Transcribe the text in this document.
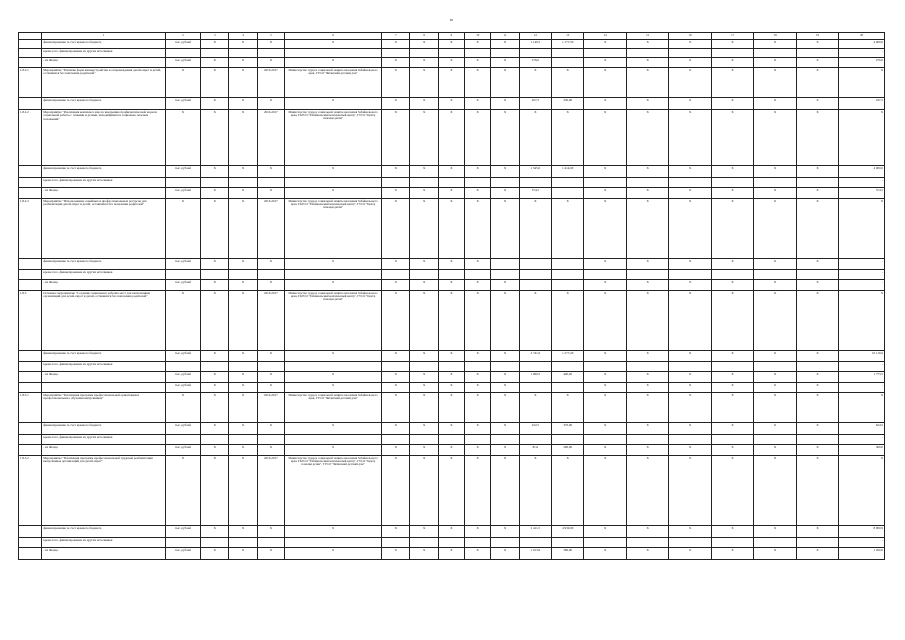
to
	1	2	3	4	5	6	7	8	9	10	11	12	13	14	15	16	17	18	19	20
	финансирование за счет краевого бюджета	тыс. рублей	X	X	X	X	X	X	X	X	X	1 140,5	1 177,50	X	X	X	X	X	X	4 000,0
	кроме того, финансирование из других источников																			-
	- из Фонда	тыс. рублей	X	X	X	X	X	X	X	X	X	276,0		X	X	X	X	X	X	276,0
1.8.2.1	Мероприятие "Развитие форм жизнеустройства и сопровождения детей-сирот и детей, оставшихся без попечения родителей"	X	X	X	2016-2017	Министерство труда и социальной защиты населения Забайкальского края, ГУСО "Читинский детский дом"	X	X	X	X	X	X	X	X	X	X	X	X	X	X
	финансирование за счет краевого бюджета	тыс. рублей	X	X	X	X	X	X	X	X	X	207,5	230,00	X	X	X	X	X	X	437,5
1.8.2.2	Мероприятие "Реализация комплекса мер по внедрению профилактической модели социальной работы с семьями и детьми, находящимися в социально опасном положении"	X	X	X	2016-2017	Министерство труда и социальной защиты населения Забайкальского края, ГАУСО "Забайкальский комплексный центр", ГУСО "Центр помощи детям"	X	X	X	X	X	X	X	X	X	X	X	X	X	X
	финансирование за счет краевого бюджета	тыс. рублей	X	X	X	X	X	X	X	X	X	1 545,0	1 414,00	X	X	X	X	X	X	4 000,0
	кроме того, финансирование из других источников																			-
	- из Фонда	тыс. рублей	X	X	X	X	X	X	X	X	X	374,5		X	X	X	X	X	X	374,5
1.8.2.3	Мероприятие "Использование семейных и профессиональных ресурсов для реабилитации детей-сирот и детей, оставшихся без попечения родителей"	X	X	X	2016-2017	Министерство труда и социальной защиты населения Забайкальского края, ГАУСО "Забайкальский комплексный центр", ГУСО "Центр помощи детям"	X	X	X	X	X	X	X	X	X	X	X	X	X	X
	финансирование за счет краевого бюджета	тыс. рублей	X	X	X	X	X	X	X	X				X	X	X	X	X	X	-
	кроме того, финансирование из других источников																			-
	- из Фонда	тыс. рублей	X	X	X	X	X	X	X	X	X			X	X	X	X	X	X	-
1.8.3	Основное мероприятие "Создание социальных рабочих мест для выпускников организаций для детей-сирот и детей, оставшихся без попечения родителей"	X	X	X	2016-2017	Министерство труда и социальной защиты населения Забайкальского края, ГАУСО "Забайкальский комплексный центр", ГУСО "Центр помощи детям"	X	X	X	X	X	X	X	X	X	X	X	X	X	X
	финансирование за счет краевого бюджета	тыс. рублей	X	X	X	X	X	X	X	X	X	2 741,6	1 277,20	X	X	X	X	X	X	10 119,6
	кроме того, финансирование из других источников																			-
	- из Фонда	тыс. рублей	X	X	X	X	X	X	X	X	X	1 099,5	440,20	X	X	X	X	X	X	1 773,5
		тыс. рублей	X	X	X	X	X	X	X	X	X			X	X	X	X	X	X	-
1.8.3.1	Мероприятие "Реализация программ профессиональной ориентации и профессионального обучения выпускников"	X	X	X	2016-2017	Министерство труда и социальной защиты населения Забайкальского края, ГУСО "Читинский детский дом"	X	X	X	X	X	X	X	X	X	X	X	X	X	X
	финансирование за счет краевого бюджета	тыс. рублей	X	X	X	X	X	X	X	X	X	252,5	370,00	X	X	X	X	X	X	624,5
	кроме того, финансирование из других источников																			-
	- из Фонда	тыс. рублей	X	X	X	X	X	X	X	X	X	81,6	200,00	X	X	X	X	X	X	360,0
1.8.3.2	Мероприятие "Реализация программ профессиональной трудовой реабилитации выпускников организаций для детей-сирот"	X	X	X	2016-2017	Министерство труда и социальной защиты населения Забайкальского края, ГАУСО "Забайкальский комплексный центр", ГУСО "Центр помощи детям", ГУСО "Читинский детский дом"	X	X	X	X	X	X	X	X	X	X	X	X	X	X
	финансирование за счет краевого бюджета	тыс. рублей	X	X	X	X	X	X	X	X	X	2 411,5	4 930,00	X	X	X	X	X	X	8 900,9
	кроме того, финансирование из других источников																			-
	- из Фонда	тыс. рублей	X	X	X	X	X	X	X	X	X	1 013,9	390,00	X	X	X	X	X	X	1 450,0
